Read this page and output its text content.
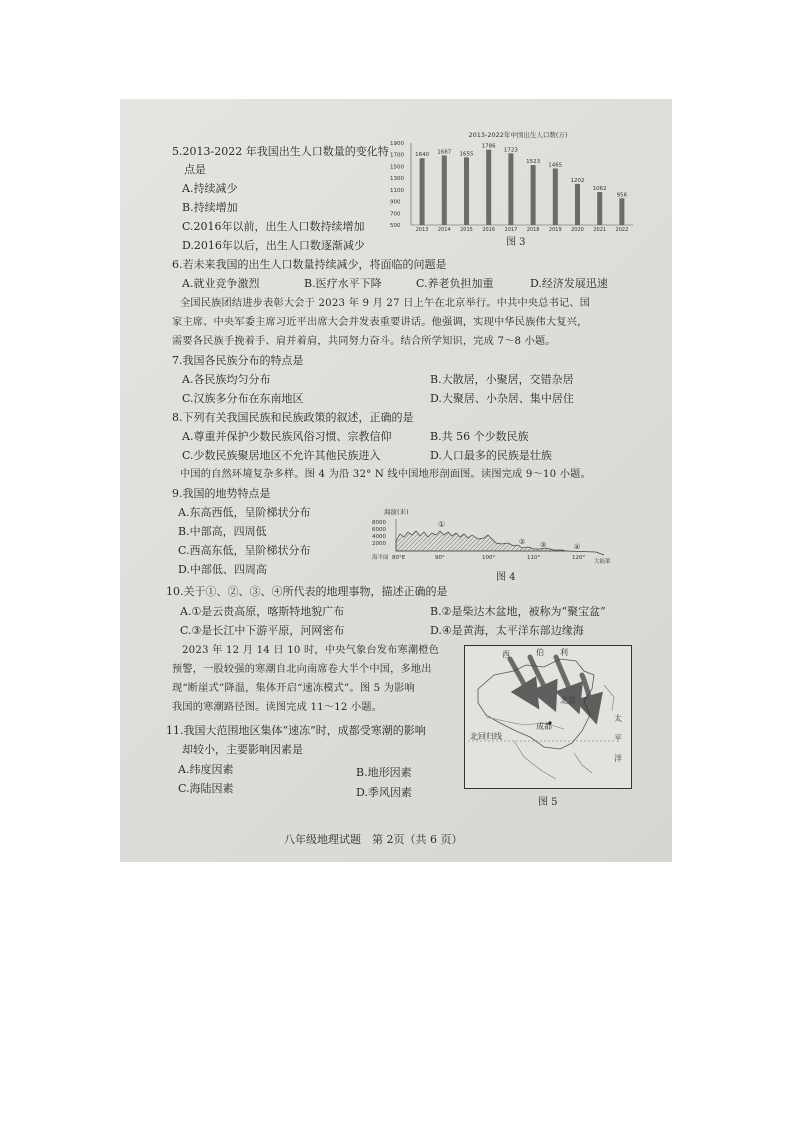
5.2013-2022 年我国出生人口数量的变化特
点是
A.持续减少
B.持续增加
C.2016年以前，出生人口数持续增加
D.2016年以后，出生人口数逐渐减少
2013-2022年中国出生人口数(万)
1900
1700
1500
1300
1100
900
700
500
1640
2013
1687
2014
1655
2015
1786
2016
1723
2017
1523
2018
1465
2019
1202
2020
1062
2021
956
2022
图 3
6.若未来我国的出生人口数量持续减少，将面临的问题是
A.就业竞争激烈	B.医疗水平下降	C.养老负担加重	D.经济发展迅速
全国民族团结进步表彰大会于 2023 年 9 月 27 日上午在北京举行。中共中央总书记、国
家主席、中央军委主席习近平出席大会并发表重要讲话。他强调，实现中华民族伟大复兴，
需要各民族手挽着手、肩并着肩，共同努力奋斗。结合所学知识，完成 7～8 小题。
7.我国各民族分布的特点是
A.各民族均匀分布	B.大散居，小聚居，交错杂居
C.汉族多分布在东南地区	D.大聚居、小杂居、集中居住
8.下列有关我国民族和民族政策的叙述，正确的是
A.尊重并保护少数民族风俗习惯、宗教信仰	B.共 56 个少数民族
C.少数民族聚居地区不允许其他民族进入	D.人口最多的民族是壮族
中国的自然环境复杂多样。图 4 为沿 32° N 线中国地形剖面图。读图完成 9～10 小题。
9.我国的地势特点是
A.东高西低，呈阶梯状分布
B.中部高，四周低
C.西高东低，呈阶梯状分布
D.中部低、四周高
海拔(米)
8000
6000
4000
2000
①
② ③	④
海平面 80°E	90°	100°	110°	120°
大陆架
图 4
10.关于①、②、③、④所代表的地理事物，描述正确的是
A.①是云贵高原，喀斯特地貌广布	B.②是柴达木盆地，被称为“聚宝盆”
C.③是长江中下游平原，河网密布	D.④是黄海，太平洋东部边缘海
2023 年 12 月 14 日 10 时，中央气象台发布寒潮橙色
预警，一股较强的寒潮自北向南席卷大半个中国，多地出
现“断崖式”降温，集体开启“速冻模式”。图 5 为影响
我国的寒潮路径图。读图完成 11～12 小题。
11.我国大范围地区集体“速冻”时，成都受寒潮的影响
却较小，主要影响因素是
A.纬度因素	B.地形因素
C.海陆因素	D.季风因素
北回归线
西	伯 利
北京
成都
太
平
洋
图 5
八年级地理试题　第 2页（共 6 页）
